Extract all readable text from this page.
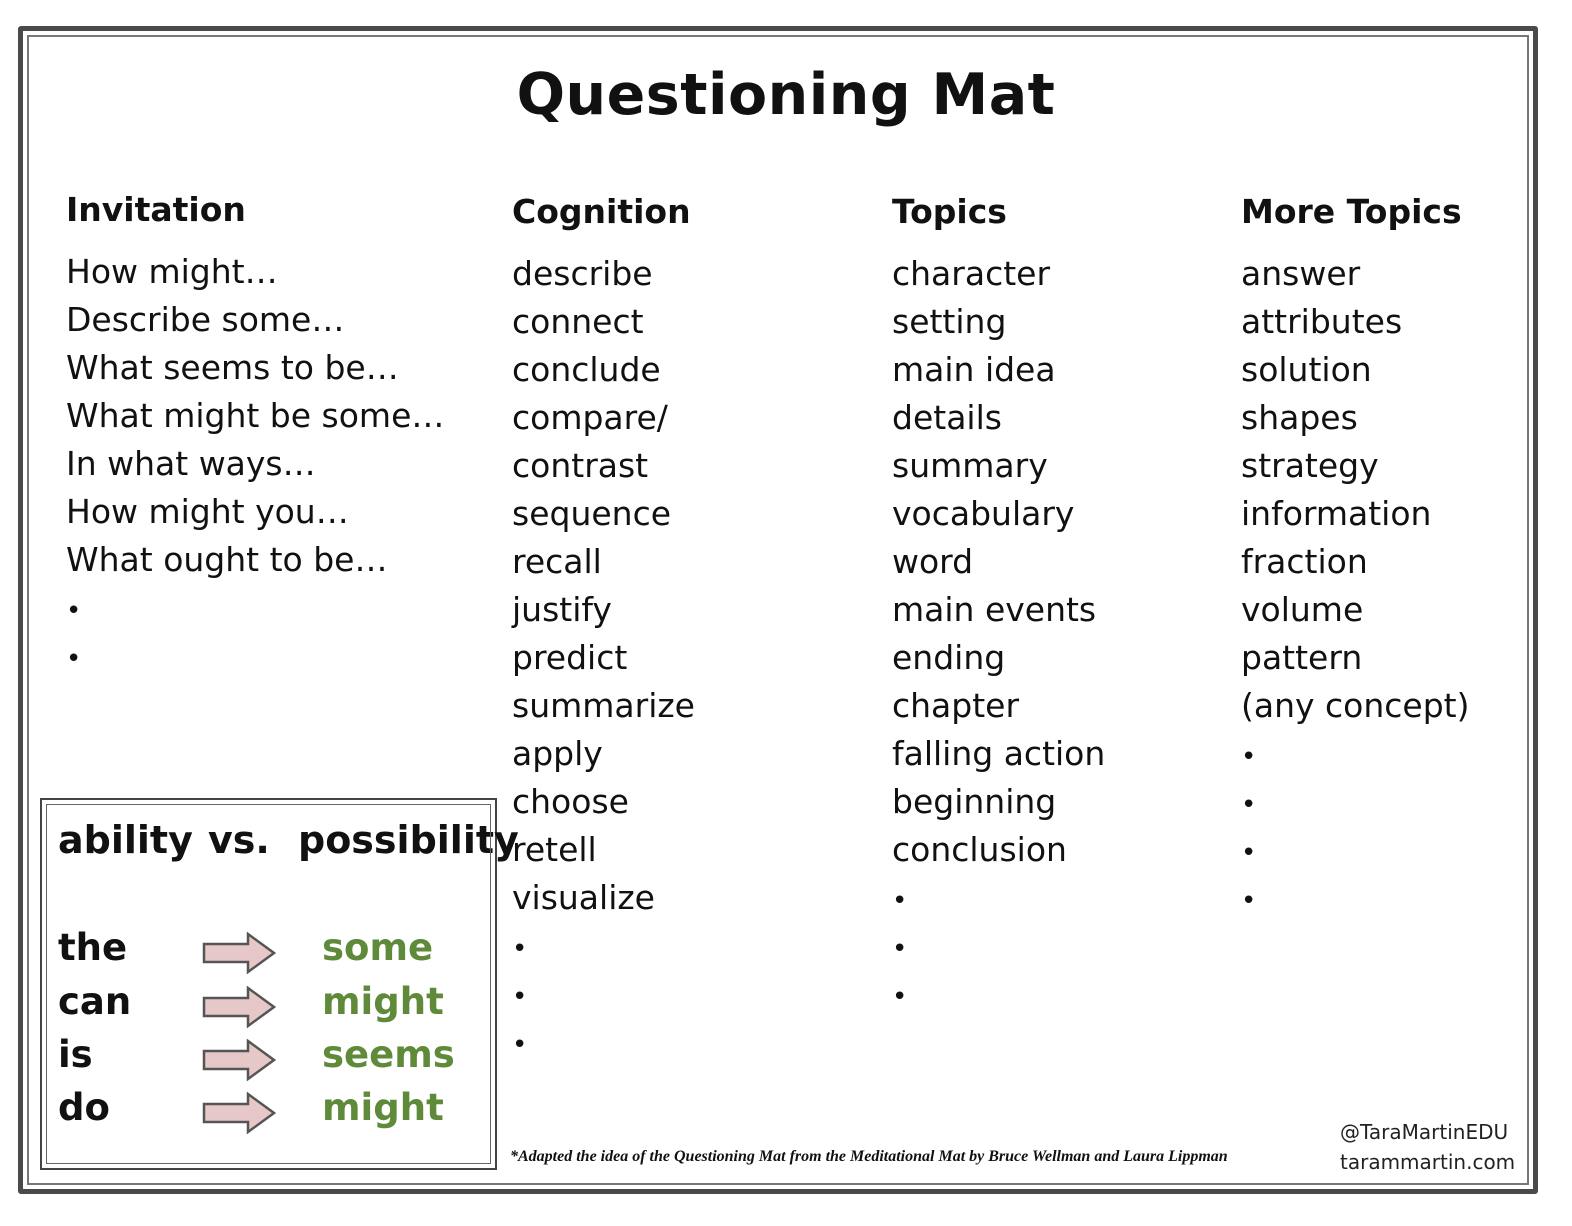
Questioning Mat
Invitation
How might…
Describe some…
What seems to be…
What might be some…
In what ways…
How might you…
What ought to be…
•
•
Cognition
describe
connect
conclude
compare/
contrast
sequence
recall
justify
predict
summarize
apply
choose
retell
visualize
•
•
•
Topics
character
setting
main idea
details
summary
vocabulary
word
main events
ending
chapter
falling action
beginning
conclusion
•
•
•
More Topics
answer
attributes
solution
shapes
strategy
information
fraction
volume
pattern
(any concept)
•
•
•
•
ability vs. possibility
the	some
can	might
is	seems
do	might
*Adapted the idea of the Questioning Mat from the Meditational Mat by Bruce Wellman and Laura Lippman
@TaraMartinEDU
tarammartin.com
